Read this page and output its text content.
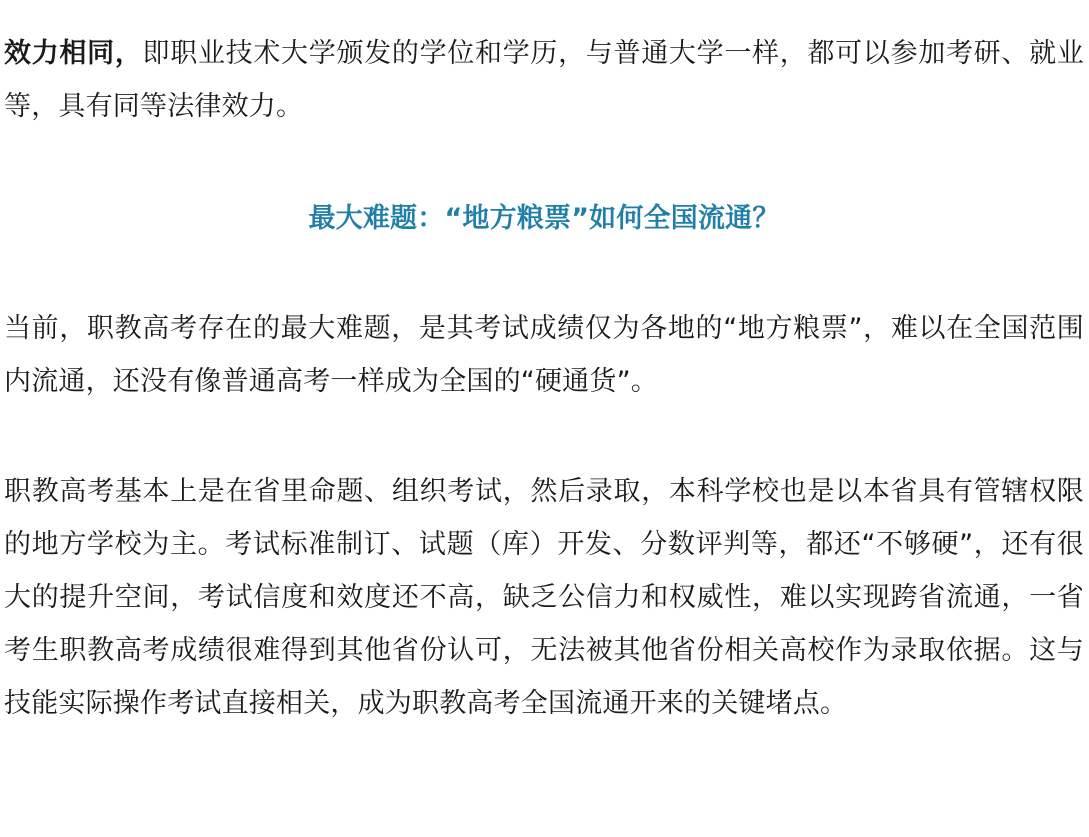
效力相同，即职业技术大学颁发的学位和学历，与普通大学一样，都可以参加考研、就业等，具有同等法律效力。

最大难题：“地方粮票”如何全国流通？

当前，职教高考存在的最大难题，是其考试成绩仅为各地的“地方粮票”，难以在全国范围内流通，还没有像普通高考一样成为全国的“硬通货”。

职教高考基本上是在省里命题、组织考试，然后录取，本科学校也是以本省具有管辖权限的地方学校为主。考试标准制订、试题（库）开发、分数评判等，都还“不够硬”，还有很大的提升空间，考试信度和效度还不高，缺乏公信力和权威性，难以实现跨省流通，一省考生职教高考成绩很难得到其他省份认可，无法被其他省份相关高校作为录取依据。这与技能实际操作考试直接相关，成为职教高考全国流通开来的关键堵点。
